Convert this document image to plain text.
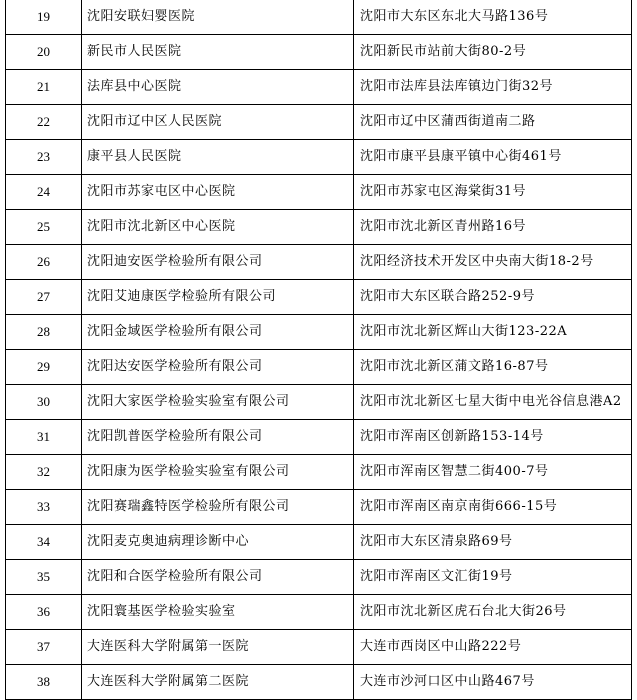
19	沈阳安联妇婴医院	沈阳市大东区东北大马路136号
20	新民市人民医院	沈阳新民市站前大街80-2号
21	法库县中心医院	沈阳市法库县法库镇边门街32号
22	沈阳市辽中区人民医院	沈阳市辽中区蒲西街道南二路
23	康平县人民医院	沈阳市康平县康平镇中心街461号
24	沈阳市苏家屯区中心医院	沈阳市苏家屯区海棠街31号
25	沈阳市沈北新区中心医院	沈阳市沈北新区青州路16号
26	沈阳迪安医学检验所有限公司	沈阳经济技术开发区中央南大街18-2号
27	沈阳艾迪康医学检验所有限公司	沈阳市大东区联合路252-9号
28	沈阳金域医学检验所有限公司	沈阳市沈北新区辉山大街123-22A
29	沈阳达安医学检验所有限公司	沈阳市沈北新区蒲文路16-87号
30	沈阳大家医学检验实验室有限公司	沈阳市沈北新区七星大街中电光谷信息港A2
31	沈阳凯普医学检验所有限公司	沈阳市浑南区创新路153-14号
32	沈阳康为医学检验实验室有限公司	沈阳市浑南区智慧二街400-7号
33	沈阳赛瑞鑫特医学检验所有限公司	沈阳市浑南区南京南街666-15号
34	沈阳麦克奥迪病理诊断中心	沈阳市大东区清泉路69号
35	沈阳和合医学检验所有限公司	沈阳市浑南区文汇街19号
36	沈阳寰基医学检验实验室	沈阳市沈北新区虎石台北大街26号
37	大连医科大学附属第一医院	大连市西岗区中山路222号
38	大连医科大学附属第二医院	大连市沙河口区中山路467号
